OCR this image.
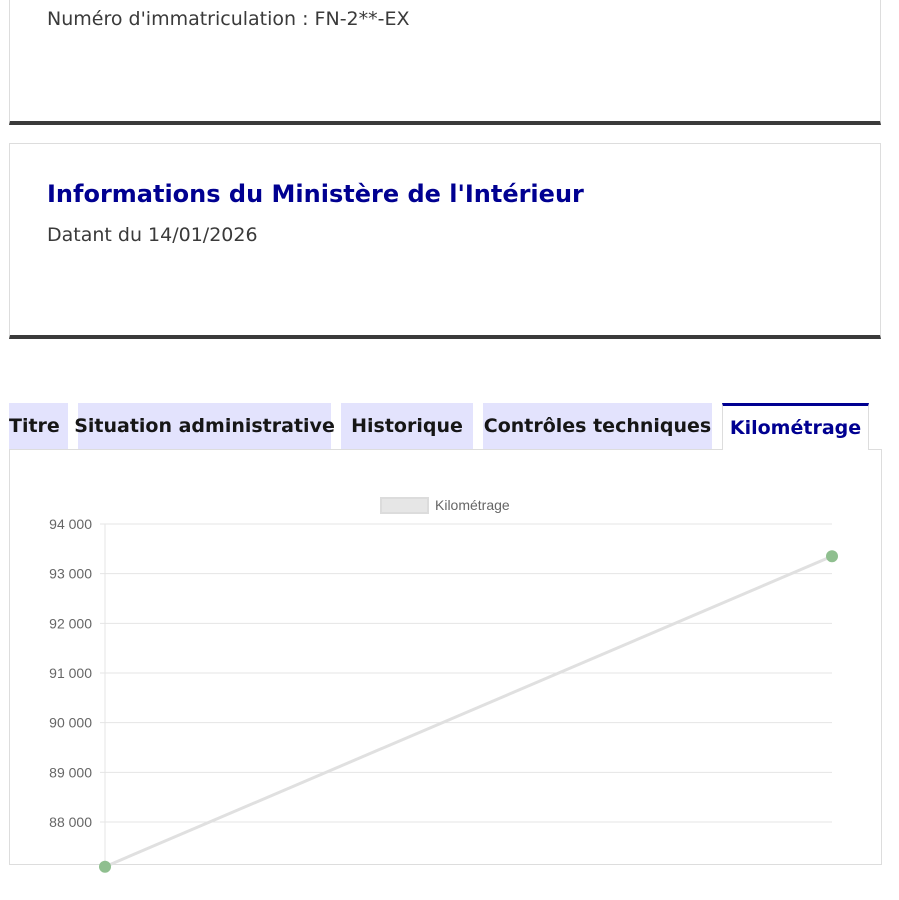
Numéro d'immatriculation : FN-2**-EX
Informations du Ministère de l'Intérieur
Datant du 14/01/2026
Titre Situation administrative Historique	Contrôles techniques Kilométrage
88 000
89 000
90 000
91 000
92 000
93 000
94 000
Kilométrage
